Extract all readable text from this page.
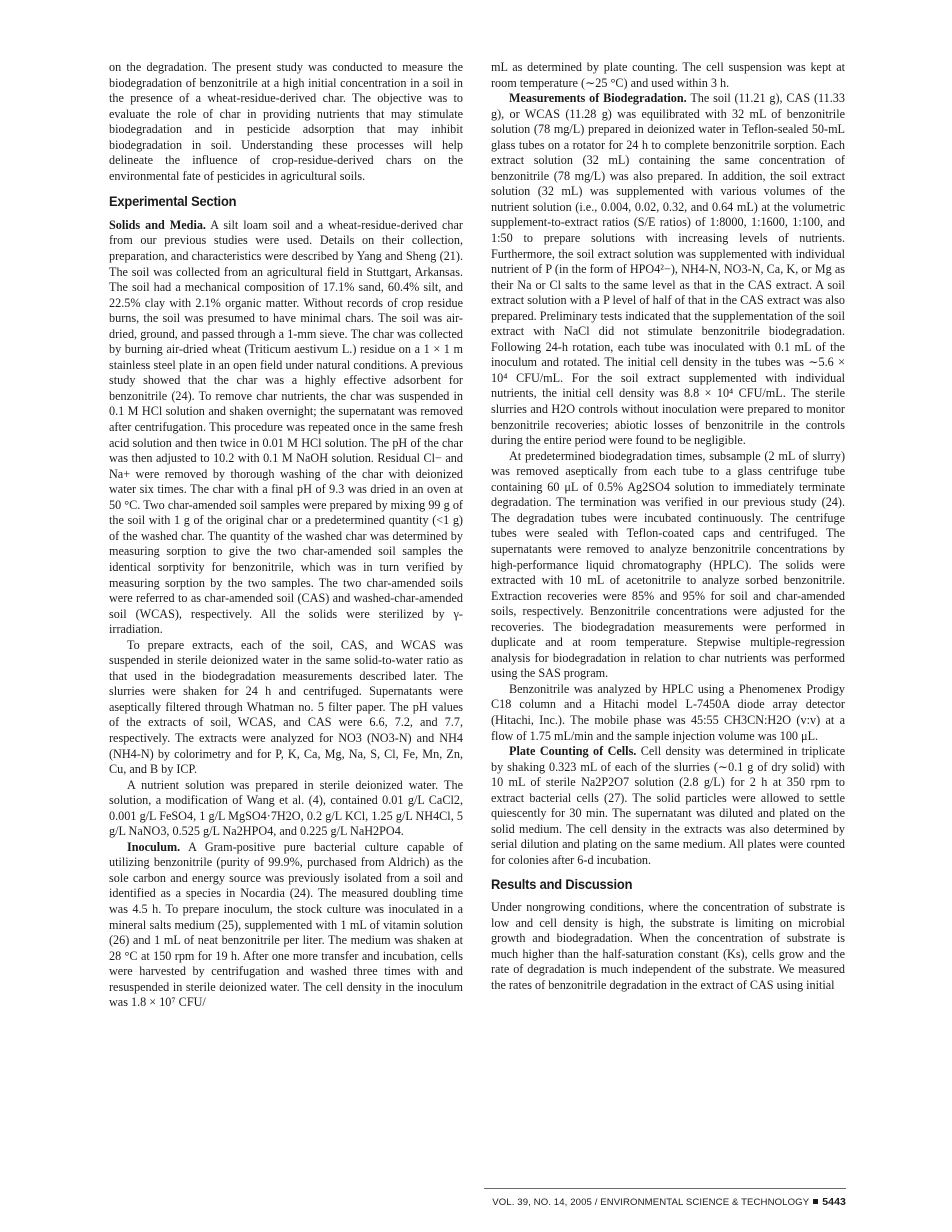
on the degradation. The present study was conducted to measure the biodegradation of benzonitrile at a high initial concentration in a soil in the presence of a wheat-residue-derived char. The objective was to evaluate the role of char in providing nutrients that may stimulate biodegradation and in pesticide adsorption that may inhibit biodegradation in soil. Understanding these processes will help delineate the influence of crop-residue-derived chars on the environmental fate of pesticides in agricultural soils.

Experimental Section

Solids and Media. A silt loam soil and a wheat-residue-derived char from our previous studies were used. Details on their collection, preparation, and characteristics were described by Yang and Sheng (21). The soil was collected from an agricultural field in Stuttgart, Arkansas. The soil had a mechanical composition of 17.1% sand, 60.4% silt, and 22.5% clay with 2.1% organic matter. Without records of crop residue burns, the soil was presumed to have minimal chars. The soil was air-dried, ground, and passed through a 1-mm sieve. The char was collected by burning air-dried wheat (Triticum aestivum L.) residue on a 1 × 1 m stainless steel plate in an open field under natural conditions. A previous study showed that the char was a highly effective adsorbent for benzonitrile (24). To remove char nutrients, the char was suspended in 0.1 M HCl solution and shaken overnight; the supernatant was removed after centrifugation. This procedure was repeated once in the same fresh acid solution and then twice in 0.01 M HCl solution. The pH of the char was then adjusted to 10.2 with 0.1 M NaOH solution. Residual Cl− and Na+ were removed by thorough washing of the char with deionized water six times. The char with a final pH of 9.3 was dried in an oven at 50 °C. Two char-amended soil samples were prepared by mixing 99 g of the soil with 1 g of the original char or a predetermined quantity (<1 g) of the washed char. The quantity of the washed char was determined by measuring sorption to give the two char-amended soil samples the identical sorptivity for benzonitrile, which was in turn verified by measuring sorption by the two samples. The two char-amended soils were referred to as char-amended soil (CAS) and washed-char-amended soil (WCAS), respectively. All the solids were sterilized by γ-irradiation.

To prepare extracts, each of the soil, CAS, and WCAS was suspended in sterile deionized water in the same solid-to-water ratio as that used in the biodegradation measurements described later. The slurries were shaken for 24 h and centrifuged. Supernatants were aseptically filtered through Whatman no. 5 filter paper. The pH values of the extracts of soil, WCAS, and CAS were 6.6, 7.2, and 7.7, respectively. The extracts were analyzed for NO3 (NO3-N) and NH4 (NH4-N) by colorimetry and for P, K, Ca, Mg, Na, S, Cl, Fe, Mn, Zn, Cu, and B by ICP.

A nutrient solution was prepared in sterile deionized water. The solution, a modification of Wang et al. (4), contained 0.01 g/L CaCl2, 0.001 g/L FeSO4, 1 g/L MgSO4·7H2O, 0.2 g/L KCl, 1.25 g/L NH4Cl, 5 g/L NaNO3, 0.525 g/L Na2HPO4, and 0.225 g/L NaH2PO4.

Inoculum. A Gram-positive pure bacterial culture capable of utilizing benzonitrile (purity of 99.9%, purchased from Aldrich) as the sole carbon and energy source was previously isolated from a soil and identified as a species in Nocardia (24). The measured doubling time was 4.5 h. To prepare inoculum, the stock culture was inoculated in a mineral salts medium (25), supplemented with 1 mL of vitamin solution (26) and 1 mL of neat benzonitrile per liter. The medium was shaken at 28 °C at 150 rpm for 19 h. After one more transfer and incubation, cells were harvested by centrifugation and washed three times with and resuspended in sterile deionized water. The cell density in the inoculum was 1.8 × 10⁷ CFU/

mL as determined by plate counting. The cell suspension was kept at room temperature (∼25 °C) and used within 3 h.

Measurements of Biodegradation. The soil (11.21 g), CAS (11.33 g), or WCAS (11.28 g) was equilibrated with 32 mL of benzonitrile solution (78 mg/L) prepared in deionized water in Teflon-sealed 50-mL glass tubes on a rotator for 24 h to complete benzonitrile sorption. Each extract solution (32 mL) containing the same concentration of benzonitrile (78 mg/L) was also prepared. In addition, the soil extract solution (32 mL) was supplemented with various volumes of the nutrient solution (i.e., 0.004, 0.02, 0.32, and 0.64 mL) at the volumetric supplement-to-extract ratios (S/E ratios) of 1:8000, 1:1600, 1:100, and 1:50 to prepare solutions with increasing levels of nutrients. Furthermore, the soil extract solution was supplemented with individual nutrient of P (in the form of HPO4²−), NH4-N, NO3-N, Ca, K, or Mg as their Na or Cl salts to the same level as that in the CAS extract. A soil extract solution with a P level of half of that in the CAS extract was also prepared. Preliminary tests indicated that the supplementation of the soil extract with NaCl did not stimulate benzonitrile biodegradation. Following 24-h rotation, each tube was inoculated with 0.1 mL of the inoculum and rotated. The initial cell density in the tubes was ∼5.6 × 10⁴ CFU/mL. For the soil extract supplemented with individual nutrients, the initial cell density was 8.8 × 10⁴ CFU/mL. The sterile slurries and H2O controls without inoculation were prepared to monitor benzonitrile recoveries; abiotic losses of benzonitrile in the controls during the entire period were found to be negligible.

At predetermined biodegradation times, subsample (2 mL of slurry) was removed aseptically from each tube to a glass centrifuge tube containing 60 μL of 0.5% Ag2SO4 solution to immediately terminate degradation. The termination was verified in our previous study (24). The degradation tubes were incubated continuously. The centrifuge tubes were sealed with Teflon-coated caps and centrifuged. The supernatants were removed to analyze benzonitrile concentrations by high-performance liquid chromatography (HPLC). The solids were extracted with 10 mL of acetonitrile to analyze sorbed benzonitrile. Extraction recoveries were 85% and 95% for soil and char-amended soils, respectively. Benzonitrile concentrations were adjusted for the recoveries. The biodegradation measurements were performed in duplicate and at room temperature. Stepwise multiple-regression analysis for biodegradation in relation to char nutrients was performed using the SAS program.

Benzonitrile was analyzed by HPLC using a Phenomenex Prodigy C18 column and a Hitachi model L-7450A diode array detector (Hitachi, Inc.). The mobile phase was 45:55 CH3CN:H2O (v:v) at a flow of 1.75 mL/min and the sample injection volume was 100 μL.

Plate Counting of Cells. Cell density was determined in triplicate by shaking 0.323 mL of each of the slurries (∼0.1 g of dry solid) with 10 mL of sterile Na2P2O7 solution (2.8 g/L) for 2 h at 350 rpm to extract bacterial cells (27). The solid particles were allowed to settle quiescently for 30 min. The supernatant was diluted and plated on the solid medium. The cell density in the extracts was also determined by serial dilution and plating on the same medium. All plates were counted for colonies after 6-d incubation.

Results and Discussion

Under nongrowing conditions, where the concentration of substrate is low and cell density is high, the substrate is limiting on microbial growth and biodegradation. When the concentration of substrate is much higher than the half-saturation constant (Ks), cells grow and the rate of degradation is much independent of the substrate. We measured the rates of benzonitrile degradation in the extract of CAS using initial

VOL. 39, NO. 14, 2005 / ENVIRONMENTAL SCIENCE & TECHNOLOGY 5443
